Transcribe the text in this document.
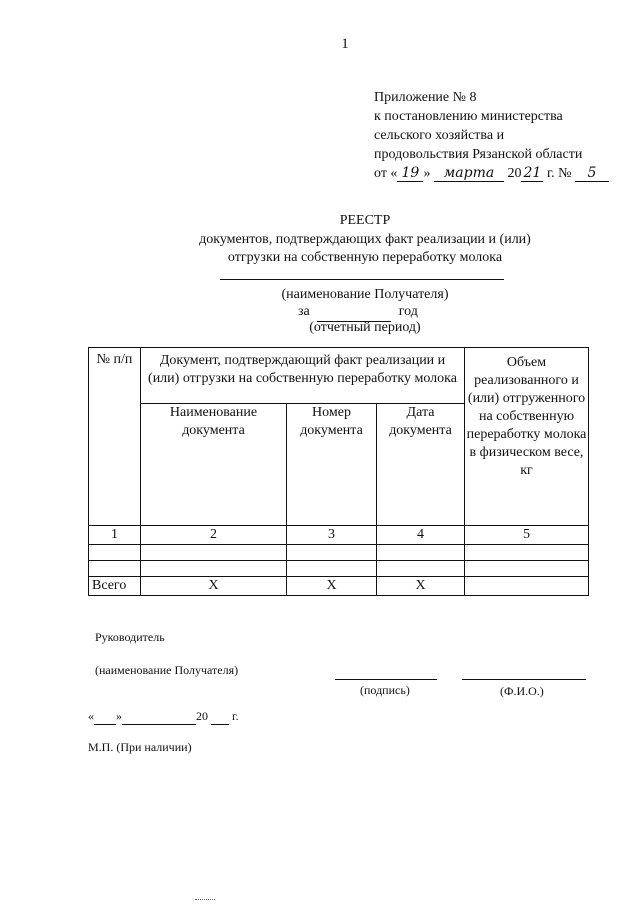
1
Приложение № 8
к постановлению министерства
сельского хозяйства и
продовольствия Рязанской области
от « 19 » марта 20 21 г. № 5
РЕЕСТР
документов, подтверждающих факт реализации и (или)
отгрузки на собственную переработку молока
(наименование Получателя)
за	год
(отчетный период)
№ п/п	Документ, подтверждающий факт реализации и (или) отгрузки на собственную переработку молока			Объем реализованного и (или) отгруженного на собственную переработку молока в физическом весе, кг
	Наименование документа	Номер документа	Дата документа	
1	2	3	4	5

Всего	X	X	X	
Руководитель
(наименование Получателя)
(подпись)	(Ф.И.О.)
« »	20 г.
М.П. (При наличии)
